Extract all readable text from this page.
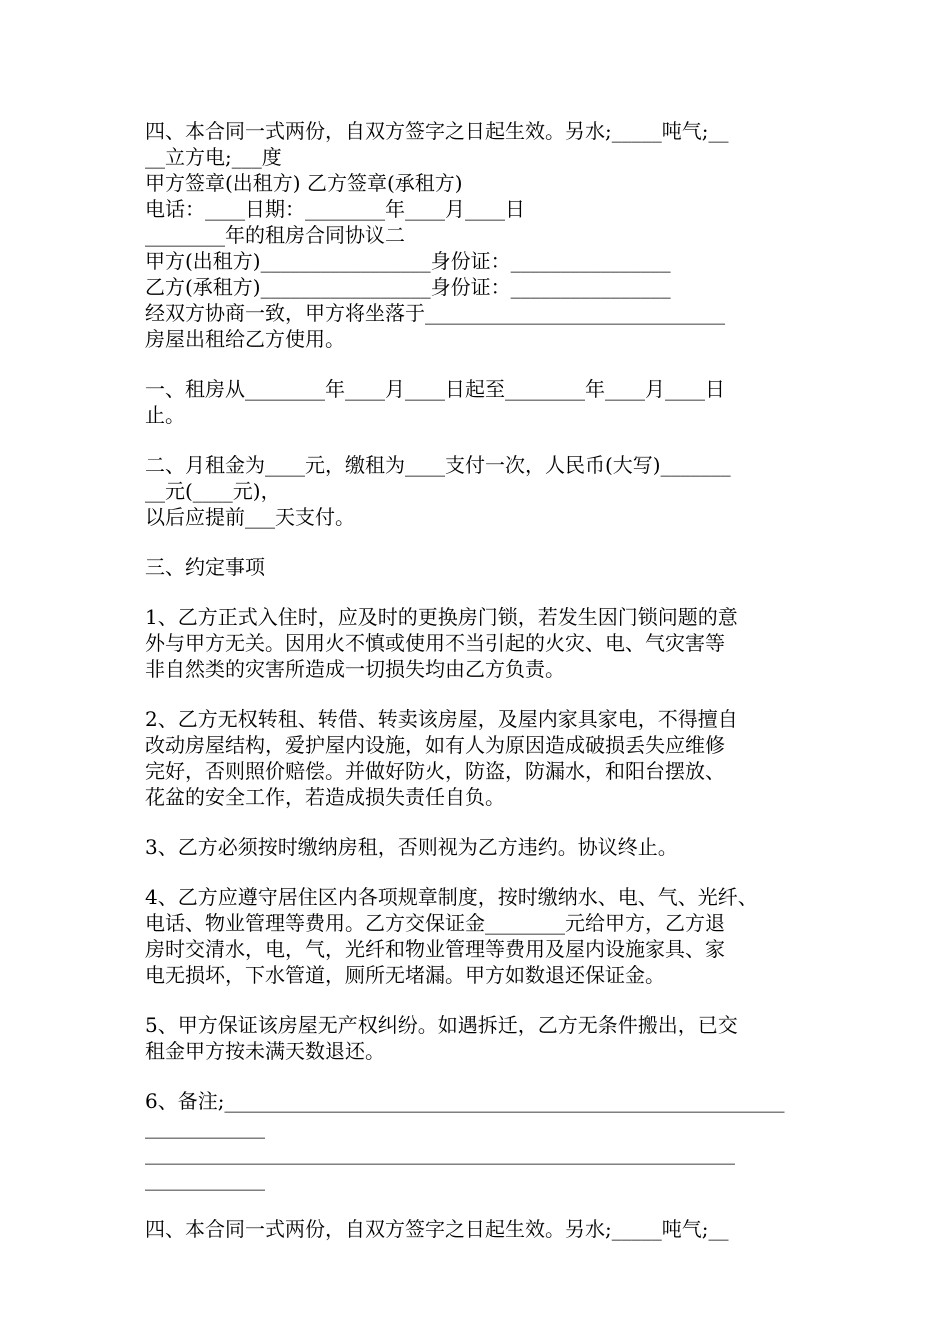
四、本合同一式两份，自双方签字之日起生效。另水;_____吨气;__
__立方电;___度
甲方签章(出租方) 乙方签章(承租方)
电话：____日期：________年____月____日
________年的租房合同协议二
甲方(出租方)_________________身份证：________________
乙方(承租方)_________________身份证：________________
经双方协商一致，甲方将坐落于______________________________
房屋出租给乙方使用。
一、租房从________年____月____日起至________年____月____日
止。
二、月租金为____元，缴租为____支付一次，人民币(大写)_______
__元(____元)，
以后应提前___天支付。
三、约定事项
1、乙方正式入住时，应及时的更换房门锁，若发生因门锁问题的意
外与甲方无关。因用火不慎或使用不当引起的火灾、电、气灾害等
非自然类的灾害所造成一切损失均由乙方负责。
2、乙方无权转租、转借、转卖该房屋，及屋内家具家电，不得擅自
改动房屋结构，爱护屋内设施，如有人为原因造成破损丢失应维修
完好，否则照价赔偿。并做好防火，防盗，防漏水，和阳台摆放、
花盆的安全工作，若造成损失责任自负。
3、乙方必须按时缴纳房租，否则视为乙方违约。协议终止。
4、乙方应遵守居住区内各项规章制度，按时缴纳水、电、气、光纤、
电话、物业管理等费用。乙方交保证金________元给甲方，乙方退
房时交清水，电，气，光纤和物业管理等费用及屋内设施家具、家
电无损坏，下水管道，厕所无堵漏。甲方如数退还保证金。
5、甲方保证该房屋无产权纠纷。如遇拆迁，乙方无条件搬出，已交
租金甲方按未满天数退还。
6、备注;________________________________________________________
____________
___________________________________________________________
____________
四、本合同一式两份，自双方签字之日起生效。另水;_____吨气;__
